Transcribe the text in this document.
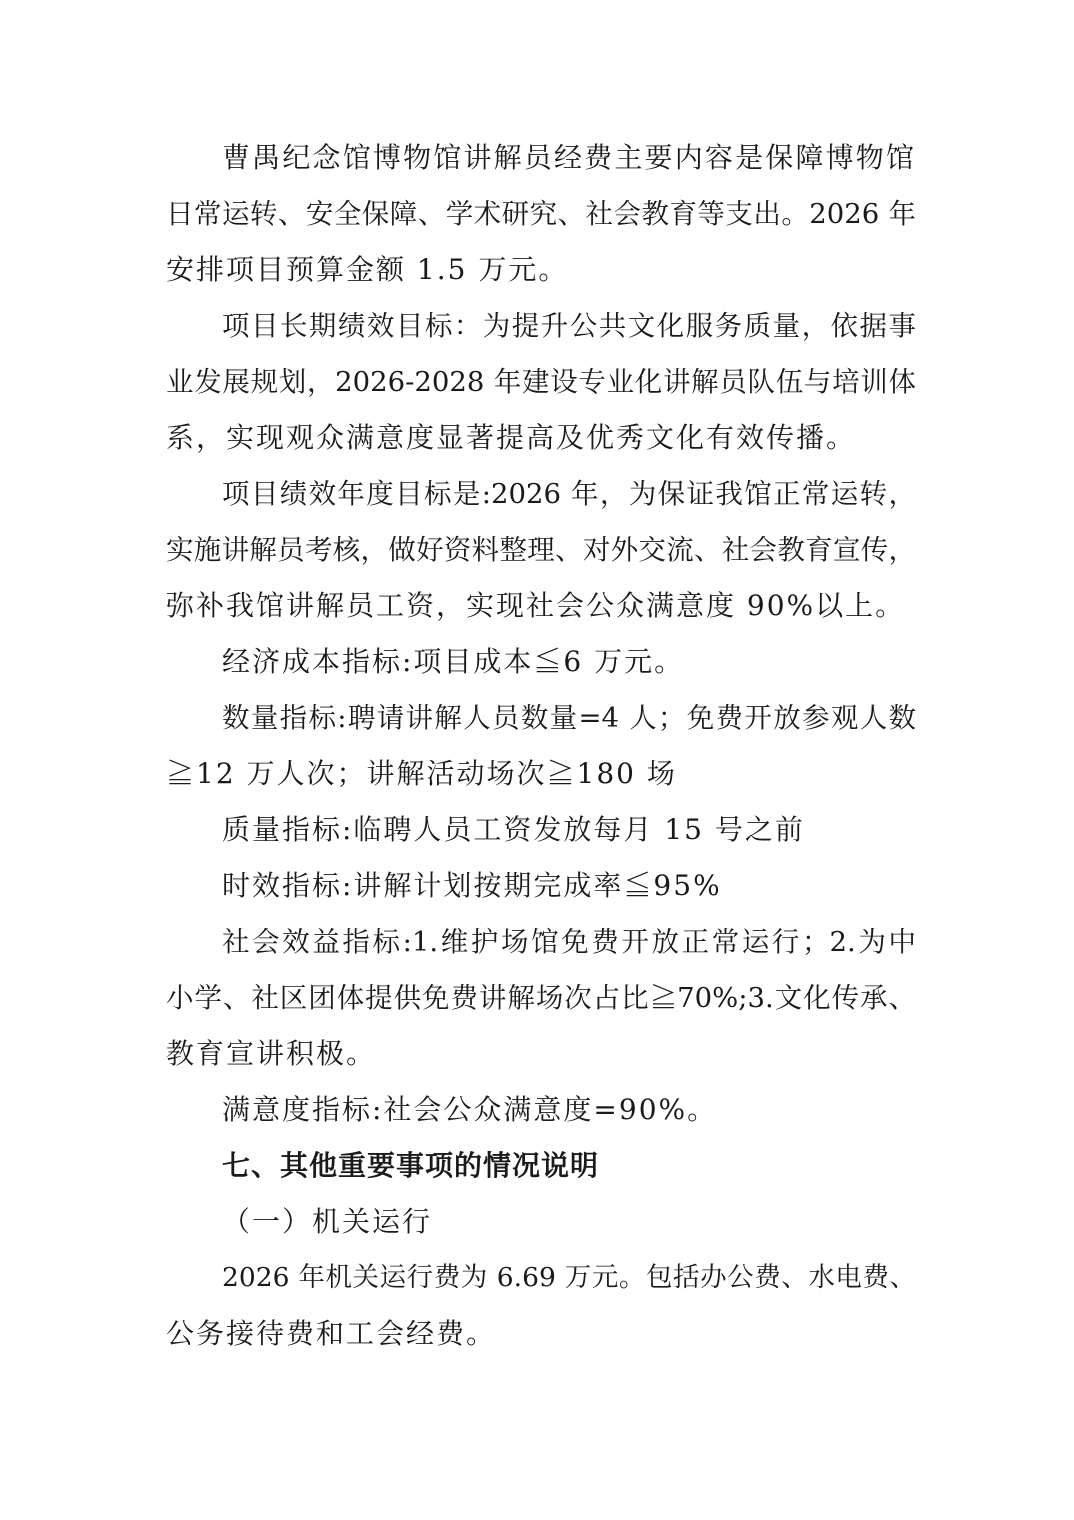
曹禺纪念馆博物馆讲解员经费主要内容是保障博物馆
日常运转、安全保障、学术研究、社会教育等支出。2026 年
安排项目预算金额 1.5 万元。
项目长期绩效目标：为提升公共文化服务质量，依据事
业发展规划，2026-2028 年建设专业化讲解员队伍与培训体
系，实现观众满意度显著提高及优秀文化有效传播。
项目绩效年度目标是:2026 年，为保证我馆正常运转，
实施讲解员考核，做好资料整理、对外交流、社会教育宣传，
弥补我馆讲解员工资，实现社会公众满意度 90%以上。
经济成本指标:项目成本≦6 万元。
数量指标:聘请讲解人员数量=4 人；免费开放参观人数
≧12 万人次；讲解活动场次≧180 场
质量指标:临聘人员工资发放每月 15 号之前
时效指标:讲解计划按期完成率≦95%
社会效益指标:1.维护场馆免费开放正常运行；2.为中
小学、社区团体提供免费讲解场次占比≧70%;3.文化传承、
教育宣讲积极。
满意度指标:社会公众满意度=90%。
七、其他重要事项的情况说明
（一）机关运行
2026 年机关运行费为 6.69 万元。包括办公费、水电费、
公务接待费和工会经费。
